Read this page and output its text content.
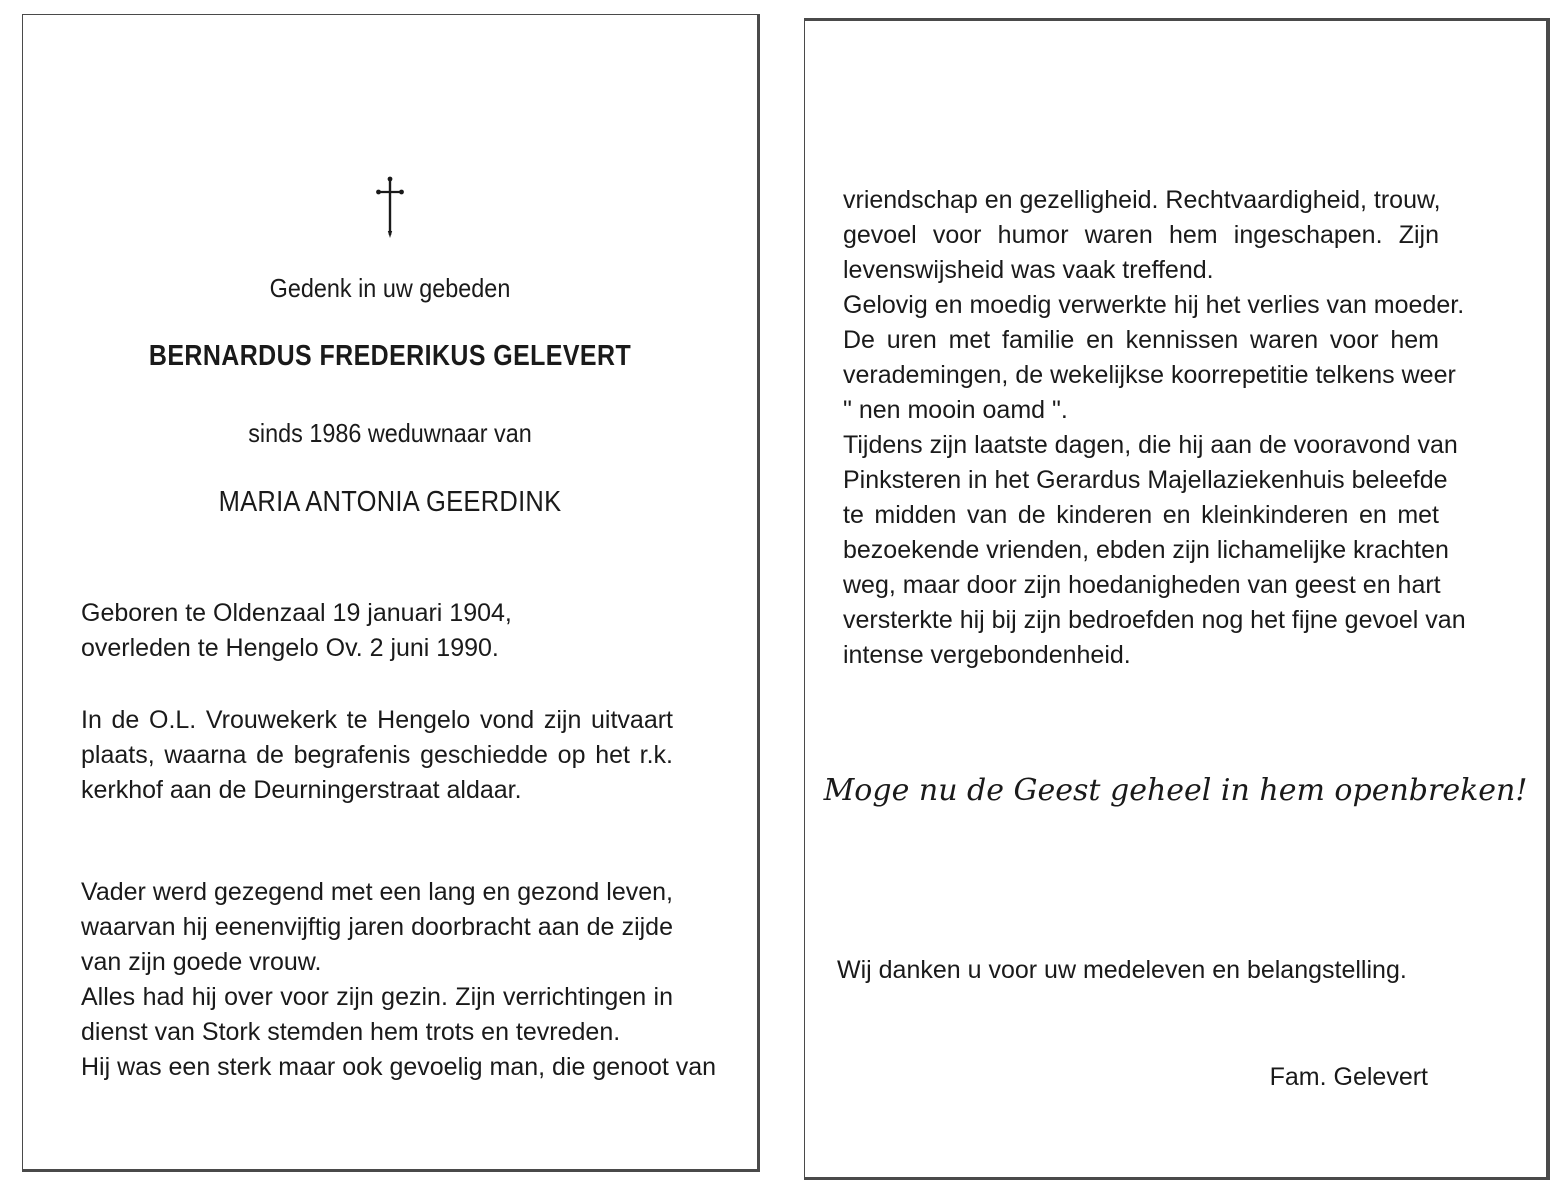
Gedenk in uw gebeden

BERNARDUS FREDERIKUS GELEVERT

sinds 1986 weduwnaar van

MARIA ANTONIA GEERDINK

Geboren te Oldenzaal 19 januari 1904,
overleden te Hengelo Ov. 2 juni 1990.
In de O.L. Vrouwekerk te Hengelo vond zijn uitvaart
plaats, waarna de begrafenis geschiedde op het r.k.
kerkhof aan de Deurningerstraat aldaar.
Vader werd gezegend met een lang en gezond leven,
waarvan hij eenenvijftig jaren doorbracht aan de zijde
van zijn goede vrouw.
Alles had hij over voor zijn gezin. Zijn verrichtingen in
dienst van Stork stemden hem trots en tevreden.
Hij was een sterk maar ook gevoelig man, die genoot van
vriendschap en gezelligheid. Rechtvaardigheid, trouw,
gevoel voor humor waren hem ingeschapen. Zijn
levenswijsheid was vaak treffend.
Gelovig en moedig verwerkte hij het verlies van moeder.
De uren met familie en kennissen waren voor hem
verademingen, de wekelijkse koorrepetitie telkens weer
" nen mooin oamd ".
Tijdens zijn laatste dagen, die hij aan de vooravond van
Pinksteren in het Gerardus Majellaziekenhuis beleefde
te midden van de kinderen en kleinkinderen en met
bezoekende vrienden, ebden zijn lichamelijke krachten
weg, maar door zijn hoedanigheden van geest en hart
versterkte hij bij zijn bedroefden nog het fijne gevoel van
intense vergebondenheid.

Moge nu de Geest geheel in hem openbreken!

Wij danken u voor uw medeleven en belangstelling.
Fam. Gelevert
